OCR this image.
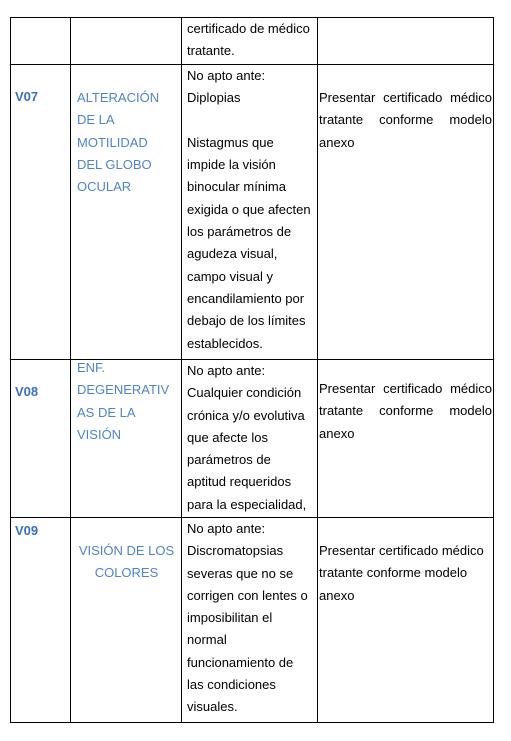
certificado de médico
tratante.
V07	ALTERACIÓN
DE LA
MOTILIDAD
DEL GLOBO
OCULAR
No apto ante:
Diplopias
Nistagmus que
impide la visión
binocular mínima
exigida o que afecten
los parámetros de
agudeza visual,
campo visual y
encandilamiento por
debajo de los límites
establecidos.
Presentar certificado médico
tratante conforme modelo
anexo
V08
ENF.
DEGENERATIV
AS DE LA
VISIÓN
No apto ante:
Cualquier condición
crónica y/o evolutiva
que afecte los
parámetros de
aptitud requeridos
para la especialidad,
Presentar certificado médico
tratante conforme modelo
anexo
V09
VISIÓN DE LOS
COLORES
No apto ante:
Discromatopsias
severas que no se
corrigen con lentes o
imposibilitan el
normal
funcionamiento de
las condiciones
visuales.
Presentar certificado médico
tratante conforme modelo
anexo
